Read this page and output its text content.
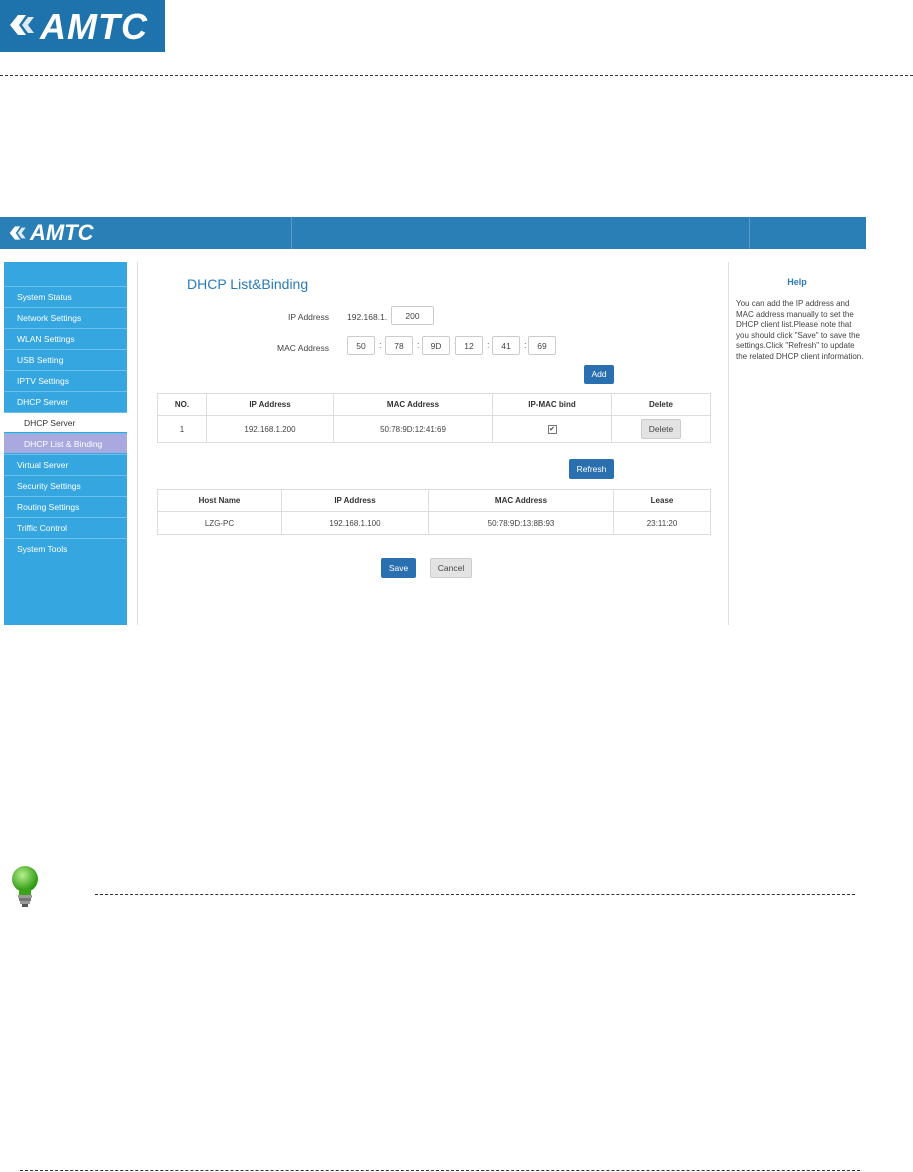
AMTC
AMTC
System Status
Network Settings
WLAN Settings
USB Setting
IPTV Settings
DHCP Server
DHCP Server
DHCP List & Binding
Virtual Server
Security Settings
Routing Settings
Triffic Control
System Tools
DHCP List&Binding
IP Address 192.168.1.	200
MAC Address	50	:	78	:	9D	: 12	:	41	:	69
Add
NO.	IP Address	MAC Address	IP-MAC bind	Delete
1	192.168.1.200	50:78:9D:12:41:69	✔	Delete
Refresh
Host Name	IP Address	MAC Address	Lease
LZG-PC	192.168.1.100	50:78:9D:13:8B:93	23:11:20
Save	Cancel
Help
You can add the IP address and MAC address manually to set the DHCP client list.Please note that you should click "Save" to save the settings.Click "Refresh" to update the related DHCP client information.
